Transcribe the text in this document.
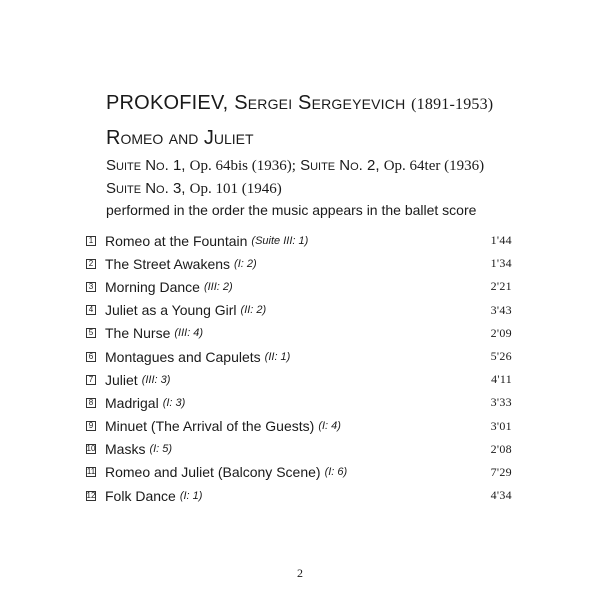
PROKOFIEV, Sergei Sergeyevich (1891-1953)
Romeo and Juliet
Suite No. 1, Op. 64bis (1936); Suite No. 2, Op. 64ter (1936)
Suite No. 3, Op. 101 (1946)
performed in the order the music appears in the ballet score
1 Romeo at the Fountain (Suite III: 1)	1'44
2 The Street Awakens (I: 2)	1'34
3 Morning Dance (III: 2)	2'21
4 Juliet as a Young Girl (II: 2)	3'43
5 The Nurse (III: 4)	2'09
6 Montagues and Capulets (II: 1)	5'26
7 Juliet (III: 3)	4'11
8 Madrigal (I: 3)	3'33
9 Minuet (The Arrival of the Guests) (I: 4)	3'01
10 Masks (I: 5)	2'08
11 Romeo and Juliet (Balcony Scene) (I: 6)	7'29
12 Folk Dance (I: 1)	4'34
2
